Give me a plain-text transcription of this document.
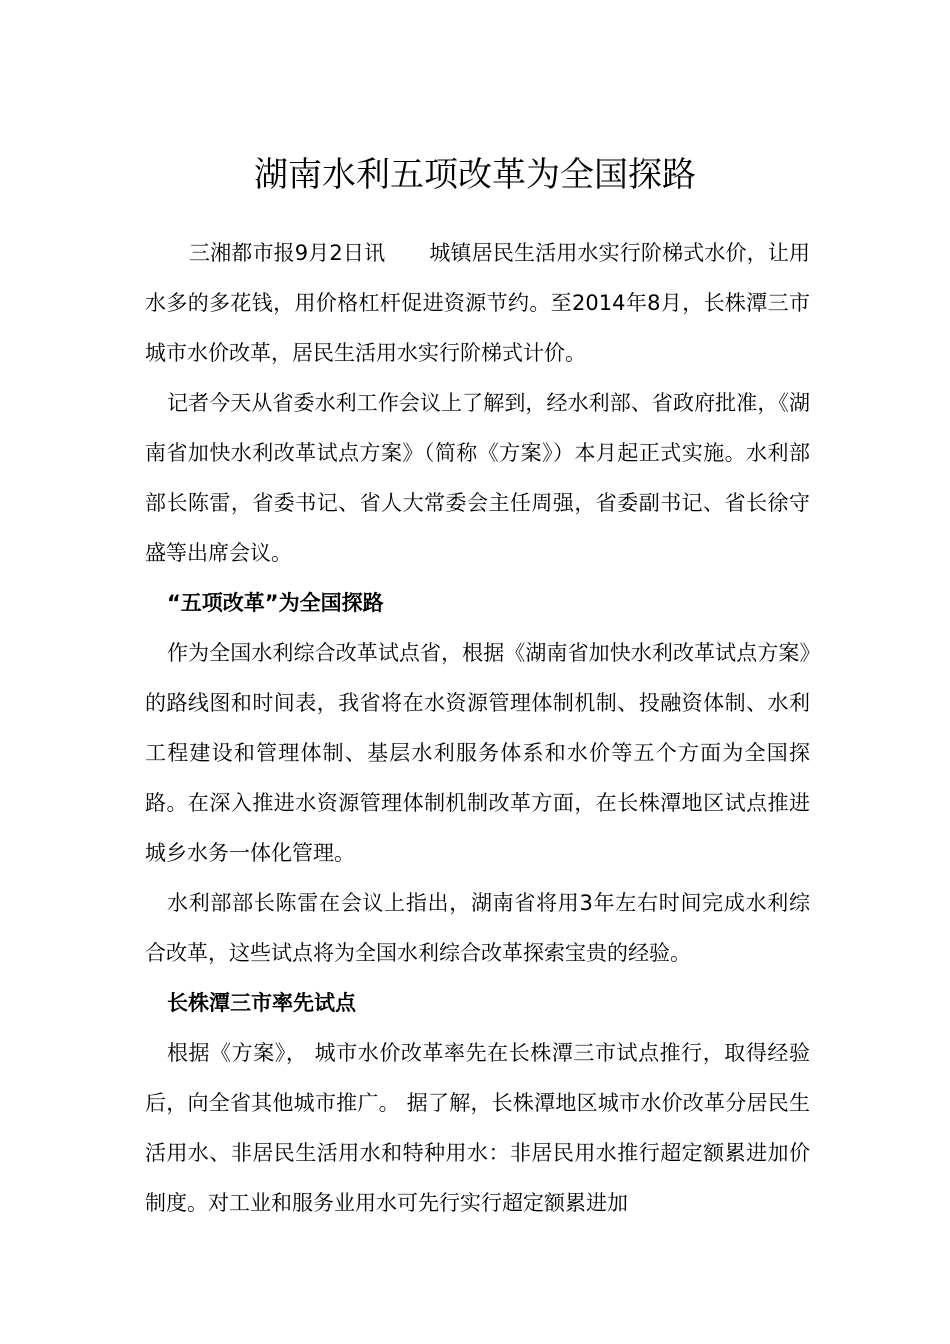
湖南水利五项改革为全国探路

三湘都市报9月2日讯 城镇居民生活用水实行阶梯式水价，让用水多的多花钱，用价格杠杆促进资源节约。至2014年8月，长株潭三市城市水价改革，居民生活用水实行阶梯式计价。

记者今天从省委水利工作会议上了解到，经水利部、省政府批准，《湖南省加快水利改革试点方案》（简称《方案》）本月起正式实施。水利部部长陈雷，省委书记、省人大常委会主任周强，省委副书记、省长徐守盛等出席会议。

“五项改革”为全国探路

作为全国水利综合改革试点省，根据《湖南省加快水利改革试点方案》的路线图和时间表，我省将在水资源管理体制机制、投融资体制、水利工程建设和管理体制、基层水利服务体系和水价等五个方面为全国探路。在深入推进水资源管理体制机制改革方面，在长株潭地区试点推进城乡水务一体化管理。

水利部部长陈雷在会议上指出，湖南省将用3年左右时间完成水利综合改革，这些试点将为全国水利综合改革探索宝贵的经验。

长株潭三市率先试点

根据《方案》， 城市水价改革率先在长株潭三市试点推行，取得经验后，向全省其他城市推广。 据了解，长株潭地区城市水价改革分居民生活用水、非居民生活用水和特种用水：非居民用水推行超定额累进加价制度。对工业和服务业用水可先行实行超定额累进加
